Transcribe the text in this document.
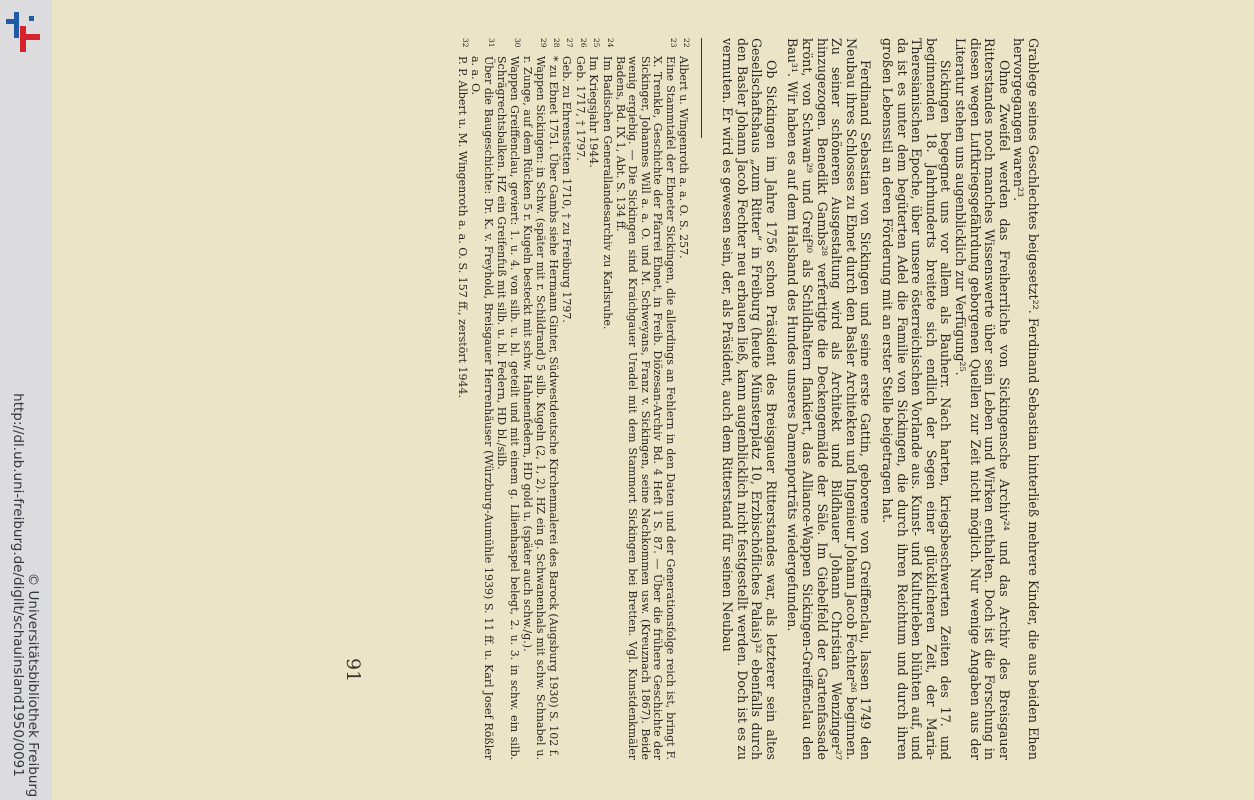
http://dl.ub.uni-freiburg.de/diglit/schauinsland1950/0091 © Universitätsbibliothek Freiburg	Grablege seines Geschlechtes beigesetzt²². Ferdinand Sebastian hinterließ mehrere Kinder, die aus beiden Ehen hervorgegangen waren²³.

Ohne Zweifel werden das Freiherrliche von Sickingensche Archiv²⁴ und das Archiv des Breisgauer Ritterstandes noch manches Wissenswerte über sein Leben und Wirken enthalten. Doch ist die Forschung in diesen wegen Luftkriegsgefährdung geborgenen Quellen zur Zeit nicht möglich. Nur wenige Angaben aus der Literatur stehen uns augenblicklich zur Verfügung²⁵.

Sickingen begegnet uns vor allem als Bauherr. Nach harten, kriegsbeschwerten Zeiten des 17. und beginnenden 18. Jahrhunderts breitete sich endlich der Segen einer glücklicheren Zeit, der Maria-Theresianischen Epoche, über unsere österreichischen Vorlande aus. Kunst- und Kulturleben blühten auf, und da ist es unter dem begüterten Adel die Familie von Sickingen, die durch ihren Reichtum und durch ihren großen Lebensstil an deren Förderung mit an erster Stelle beigetragen hat.

Ferdinand Sebastian von Sickingen und seine erste Gattin, geborene von Greiffenclau, lassen 1749 den Neubau ihres Schlosses zu Ebnet durch den Basler Architekten und Ingenieur Johann Jacob Fechter²⁶ beginnen. Zu seiner schöneren Ausgestaltung wird als Architekt und Bildhauer Johann Christian Wenzinger²⁷ hinzugezogen. Benedikt Gambs²⁸ verfertigte die Deckengemälde der Säle. Im Giebelfeld der Gartenfassade krönt, von Schwan²⁹ und Greif³⁰ als Schildhaltern flankiert, das Alliance-Wappen Sickingen-Greiffenclau den Bau³¹. Wir haben es auf dem Halsband des Hundes unseres Damenporträts wiedergefunden.

Ob Sickingen im Jahre 1756 schon Präsident des Breisgauer Ritterstandes war, als letzterer sein altes Gesellschaftshaus „zum Ritter“ in Freiburg (heute Münsterplatz 10, Erzbischöfliches Palais)³² ebenfalls durch den Basler Johann Jacob Fechter neu erbauen ließ, kann augenblicklich nicht festgestellt werden. Doch ist es zu vermuten. Er wird es gewesen sein, der, als Präsident, auch dem Ritterstand für seinen Neubau

22
Albert u. Wingenroth a. a. O. S. 257.
23
Eine Stammtafel der Ebneter Sickingen, die allerdings an Fehlern in den Daten und der Generationsfolge reich ist, bringt F. X. Trenkle, Geschichte der Pfarrei Ebnet, in Freib. Diözesan-Archiv Bd. 4 Heft 1 S. 87. — Über die frühere Geschichte der Sickinger, Johannes Will a. a. O. und M. Schweyans, Franz v. Sickingen, seine Nachkommen usw. (Kreuznach 1867). Beide wenig ergiebig. — Die Sickingen sind Kraichgauer Uradel mit dem Stammort Sickingen bei Bretten. Vgl. Kunstdenkmäler Badens, Bd. IX 1, Abt. S. 134 ff.
24
Im Badischen Generallandesarchiv zu Karlsruhe.
25
Im Kriegsjahr 1944.
26
Geb. 1717, † 1797.
27
Geb. zu Ehrenstetten 1710, † zu Freiburg 1797.
28
* zu Ebnet 1751. Über Gambs siehe Hermann Ginter, Südwestdeutsche Kirchenmalerei des Barock (Augsburg 1930) S. 102 f.
29
Wappen Sickingen: in Schw. (später mit r. Schildrand) 5 silb. Kugeln (2, 1, 2). HZ ein g. Schwanenhals mit schw. Schnabel u. r. Zunge, auf dem Rücken 5 r. Kugeln besteckt mit schw. Hahnenfedern, HD gold u. (später auch schw./g.).
30
Wappen Greiffenclau, geviert: 1. u. 4. von silb. u. bl. geteilt und mit einem g. Lilienhaspel belegt, 2. u. 3. in schw. ein silb. Schrägrechtsbalken. HZ ein Greifenfuß mit silb. u. bl. Federn, HD bl./silb.
31
Über die Baugeschichte: Dr. K. v. Freyhold, Breisgauer Herrenhäuser (Würzburg-Aumühle 1939) S. 11 ff. u. Karl Josef Rößler a. a. O.
32
P. P. Albert u. M. Wingenroth a. a. O. S. 157 ff., zerstört 1944.
91
